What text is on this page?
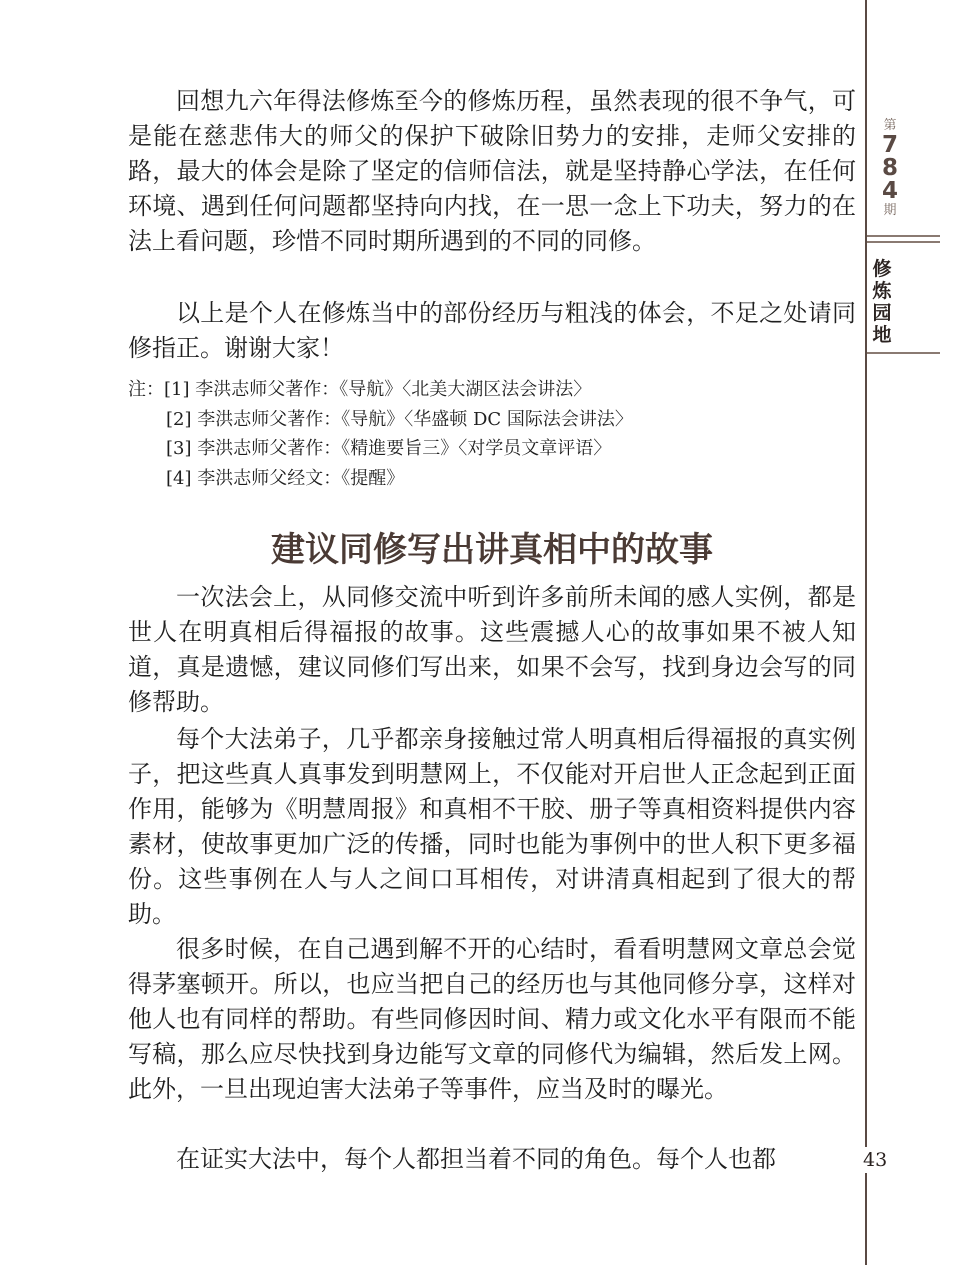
第
7
8
4
期
修
炼
园
地
43

回想九六年得法修炼至今的修炼历程，虽然表现的很不争气，可是能在慈悲伟大的师父的保护下破除旧势力的安排，走师父安排的路，最大的体会是除了坚定的信师信法，就是坚持静心学法，在任何环境、遇到任何问题都坚持向内找，在一思一念上下功夫，努力的在法上看问题，珍惜不同时期所遇到的不同的同修。

以上是个人在修炼当中的部份经历与粗浅的体会，不足之处请同修指正。谢谢大家！

注：[1] 李洪志师父著作：《导航》〈北美大湖区法会讲法〉
[2] 李洪志师父著作：《导航》〈华盛顿 DC 国际法会讲法〉
[3] 李洪志师父著作：《精進要旨三》〈对学员文章评语〉
[4] 李洪志师父经文：《提醒》
建议同修写出讲真相中的故事

一次法会上，从同修交流中听到许多前所未闻的感人实例，都是世人在明真相后得福报的故事。这些震撼人心的故事如果不被人知道，真是遗憾，建议同修们写出来，如果不会写，找到身边会写的同修帮助。

每个大法弟子，几乎都亲身接触过常人明真相后得福报的真实例子，把这些真人真事发到明慧网上，不仅能对开启世人正念起到正面作用，能够为《明慧周报》和真相不干胶、册子等真相资料提供内容素材，使故事更加广泛的传播，同时也能为事例中的世人积下更多福份。这些事例在人与人之间口耳相传，对讲清真相起到了很大的帮助。

很多时候，在自己遇到解不开的心结时，看看明慧网文章总会觉得茅塞顿开。所以，也应当把自己的经历也与其他同修分享，这样对他人也有同样的帮助。有些同修因时间、精力或文化水平有限而不能写稿，那么应尽快找到身边能写文章的同修代为编辑，然后发上网。此外，一旦出现迫害大法弟子等事件，应当及时的曝光。

在证实大法中，每个人都担当着不同的角色。每个人也都
